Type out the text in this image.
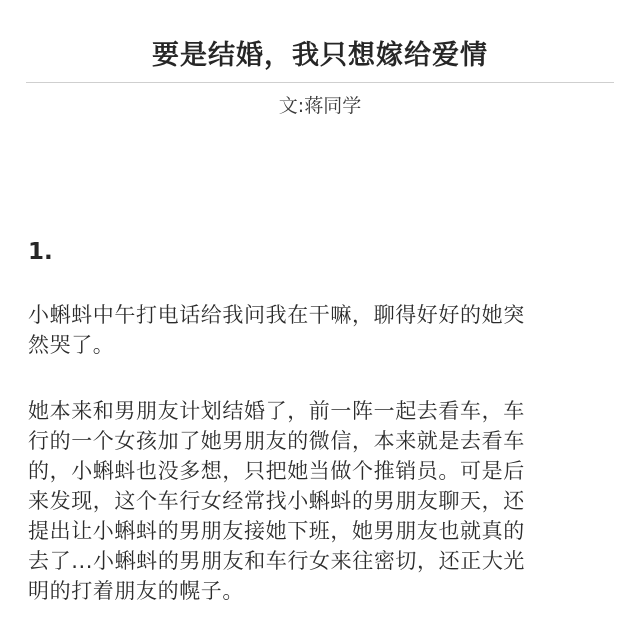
要是结婚，我只想嫁给爱情
文:蒋同学
1.

小蝌蚪中午打电话给我问我在干嘛，聊得好好的她突
然哭了。

她本来和男朋友计划结婚了，前一阵一起去看车，车
行的一个女孩加了她男朋友的微信，本来就是去看车
的，小蝌蚪也没多想，只把她当做个推销员。可是后
来发现，这个车行女经常找小蝌蚪的男朋友聊天，还
提出让小蝌蚪的男朋友接她下班，她男朋友也就真的
去了...小蝌蚪的男朋友和车行女来往密切，还正大光
明的打着朋友的幌子。
